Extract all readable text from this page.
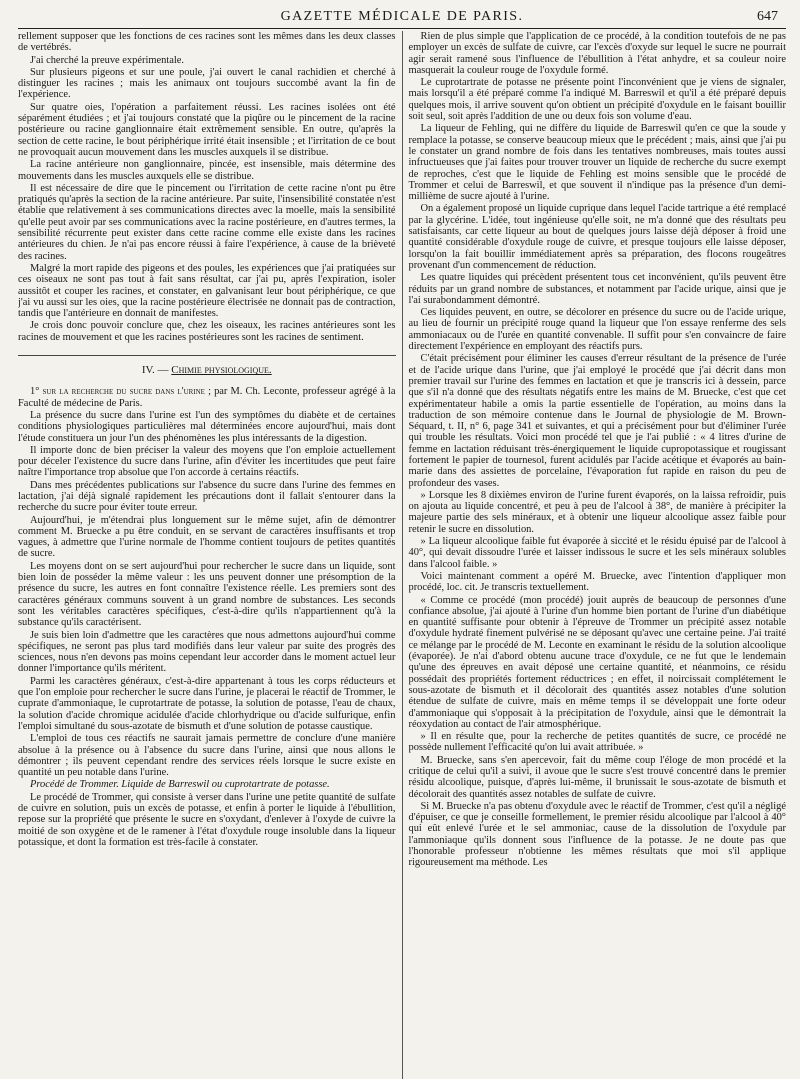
GAZETTE MÉDICALE DE PARIS.	647

rellement supposer que les fonctions de ces racines sont les mêmes dans les deux classes de vertébrés.

J'ai cherché la preuve expérimentale.

Sur plusieurs pigeons et sur une poule, j'ai ouvert le canal rachidien et cherché à distinguer les racines ; mais les animaux ont toujours succombé avant la fin de l'expérience.

Sur quatre oies, l'opération a parfaitement réussi. Les racines isolées ont été séparément étudiées ; et j'ai toujours constaté que la piqûre ou le pincement de la racine postérieure ou racine ganglionnaire était extrêmement sensible. En outre, qu'après la section de cette racine, le bout périphérique irrité était insensible ; et l'irritation de ce bout ne provoquait aucun mouvement dans les muscles auxquels il se distribue.

La racine antérieure non ganglionnaire, pincée, est insensible, mais détermine des mouvements dans les muscles auxquels elle se distribue.

Il est nécessaire de dire que le pincement ou l'irritation de cette racine n'ont pu être pratiqués qu'après la section de la racine antérieure. Par suite, l'insensibilité constatée n'est établie que relativement à ses communications directes avec la moelle, mais la sensibilité qu'elle peut avoir par ses communications avec la racine postérieure, en d'autres termes, la sensibilité récurrente peut exister dans cette racine comme elle existe dans les racines antérieures du chien. Je n'ai pas encore réussi à faire l'expérience, à cause de la brièveté des racines.

Malgré la mort rapide des pigeons et des poules, les expériences que j'ai pratiquées sur ces oiseaux ne sont pas tout à fait sans résultat, car j'ai pu, après l'expiration, isoler aussitôt et couper les racines, et constater, en galvanisant leur bout périphérique, ce que j'ai vu aussi sur les oies, que la racine postérieure électrisée ne donnait pas de contraction, tandis que l'antérieure en donnait de manifestes.

Je crois donc pouvoir conclure que, chez les oiseaux, les racines antérieures sont les racines de mouvement et que les racines postérieures sont les racines de sentiment.

IV. — Chimie physiologique.

1° sur la recherche du sucre dans l'urine ; par M. Ch. Leconte, professeur agrégé à la Faculté de médecine de Paris.

La présence du sucre dans l'urine est l'un des symptômes du diabète et de certaines conditions physiologiques particulières mal déterminées encore aujourd'hui, mais dont l'étude constituera un jour l'un des phénomènes les plus intéressants de la digestion.

Il importe donc de bien préciser la valeur des moyens que l'on emploie actuellement pour déceler l'existence du sucre dans l'urine, afin d'éviter les incertitudes que peut faire naître l'importance trop absolue que l'on accorde à certains réactifs.

Dans mes précédentes publications sur l'absence du sucre dans l'urine des femmes en lactation, j'ai déjà signalé rapidement les précautions dont il fallait s'entourer dans la recherche du sucre pour éviter toute erreur.

Aujourd'hui, je m'étendrai plus longuement sur le même sujet, afin de démontrer comment M. Bruecke a pu être conduit, en se servant de caractères insuffisants et trop vagues, à admettre que l'urine normale de l'homme contient toujours de petites quantités de sucre.

Les moyens dont on se sert aujourd'hui pour rechercher le sucre dans un liquide, sont bien loin de posséder la même valeur : les uns peuvent donner une présomption de la présence du sucre, les autres en font connaître l'existence réelle. Les premiers sont des caractères généraux communs souvent à un grand nombre de substances. Les seconds sont les véritables caractères spécifiques, c'est-à-dire qu'ils n'appartiennent qu'à la substance qu'ils caractérisent.

Je suis bien loin d'admettre que les caractères que nous admettons aujourd'hui comme spécifiques, ne seront pas plus tard modifiés dans leur valeur par suite des progrès des sciences, nous n'en devons pas moins cependant leur accorder dans le moment actuel leur donner l'importance qu'ils méritent.

Parmi les caractères généraux, c'est-à-dire appartenant à tous les corps réducteurs et que l'on emploie pour rechercher le sucre dans l'urine, je placerai le réactif de Trommer, le cuprate d'ammoniaque, le cuprotartrate de potasse, la solution de potasse, l'eau de chaux, la solution d'acide chromique acidulée d'acide chlorhydrique ou d'acide sulfurique, enfin l'emploi simultané du sous-azotate de bismuth et d'une solution de potasse caustique.

L'emploi de tous ces réactifs ne saurait jamais permettre de conclure d'une manière absolue à la présence ou à l'absence du sucre dans l'urine, ainsi que nous allons le démontrer ; ils peuvent cependant rendre des services réels lorsque le sucre existe en quantité un peu notable dans l'urine.

Procédé de Trommer. Liquide de Barreswil ou cuprotartrate de potasse.

Le procédé de Trommer, qui consiste à verser dans l'urine une petite quantité de sulfate de cuivre en solution, puis un excès de potasse, et enfin à porter le liquide à l'ébullition, repose sur la propriété que présente le sucre en s'oxydant, d'enlever à l'oxyde de cuivre la moitié de son oxygène et de le ramener à l'état d'oxydule rouge insoluble dans la liqueur potassique, et dont la formation est très-facile à constater.

Rien de plus simple que l'application de ce procédé, à la condition toutefois de ne pas employer un excès de sulfate de cuivre, car l'excès d'oxyde sur lequel le sucre ne pourrait agir serait ramené sous l'influence de l'ébullition à l'état anhydre, et sa couleur noire masquerait la couleur rouge de l'oxydule formé.

Le cuprotartrate de potasse ne présente point l'inconvénient que je viens de signaler, mais lorsqu'il a été préparé comme l'a indiqué M. Barreswil et qu'il a été préparé depuis quelques mois, il arrive souvent qu'on obtient un précipité d'oxydule en le faisant bouillir soit seul, soit après l'addition de une ou deux fois son volume d'eau.

La liqueur de Fehling, qui ne diffère du liquide de Barreswil qu'en ce que la soude y remplace la potasse, se conserve beaucoup mieux que le précédent ; mais, ainsi que j'ai pu le constater un grand nombre de fois dans les tentatives nombreuses, mais toutes aussi infructueuses que j'ai faites pour trouver trouver un liquide de recherche du sucre exempt de reproches, c'est que le liquide de Fehling est moins sensible que le procédé de Trommer et celui de Barreswil, et que souvent il n'indique pas la présence d'un demi-millième de sucre ajouté à l'urine.

On a également proposé un liquide cuprique dans lequel l'acide tartrique a été remplacé par la glycérine. L'idée, tout ingénieuse qu'elle soit, ne m'a donné que des résultats peu satisfaisants, car cette liqueur au bout de quelques jours laisse déjà déposer à froid une quantité considérable d'oxydule rouge de cuivre, et presque toujours elle laisse déposer, lorsqu'on la fait bouillir immédiatement après sa préparation, des flocons rougeâtres provenant d'un commencement de réduction.

Les quatre liquides qui précèdent présentent tous cet inconvénient, qu'ils peuvent être réduits par un grand nombre de substances, et notamment par l'acide urique, ainsi que je l'ai surabondamment démontré.

Ces liquides peuvent, en outre, se décolorer en présence du sucre ou de l'acide urique, au lieu de fournir un précipité rouge quand la liqueur que l'on essaye renferme des sels ammoniacaux ou de l'urée en quantité convenable. Il suffit pour s'en convaincre de faire directement l'expérience en employant des réactifs purs.

C'était précisément pour éliminer les causes d'erreur résultant de la présence de l'urée et de l'acide urique dans l'urine, que j'ai employé le procédé que j'ai décrit dans mon premier travail sur l'urine des femmes en lactation et que je transcris ici à dessein, parce que s'il n'a donné que des résultats négatifs entre les mains de M. Bruecke, c'est que cet expérimentateur habile a omis la partie essentielle de l'opération, au moins dans la traduction de son mémoire contenue dans le Journal de physiologie de M. Brown-Séquard, t. II, n° 6, page 341 et suivantes, et qui a précisément pour but d'éliminer l'urée qui trouble les résultats. Voici mon procédé tel que je l'ai publié : « 4 litres d'urine de femme en lactation réduisant très-énergiquement le liquide cupropotassique et rougissant fortement le papier de tournesol, furent acidulés par l'acide acétique et évaporés au bain-marie dans des assiettes de porcelaine, l'évaporation fut rapide en raison du peu de profondeur des vases.

» Lorsque les 8 dixièmes environ de l'urine furent évaporés, on la laissa refroidir, puis on ajouta au liquide concentré, et peu à peu de l'alcool à 38°, de manière à précipiter la majeure partie des sels minéraux, et à obtenir une liqueur alcoolique assez faible pour retenir le sucre en dissolution.

» La liqueur alcoolique faible fut évaporée à siccité et le résidu épuisé par de l'alcool à 40°, qui devait dissoudre l'urée et laisser indissous le sucre et les sels minéraux solubles dans l'alcool faible. »

Voici maintenant comment a opéré M. Bruecke, avec l'intention d'appliquer mon procédé, loc. cit. Je transcris textuellement.

« Comme ce procédé (mon procédé) jouit auprès de beaucoup de personnes d'une confiance absolue, j'ai ajouté à l'urine d'un homme bien portant de l'urine d'un diabétique en quantité suffisante pour obtenir à l'épreuve de Trommer un précipité assez notable d'oxydule hydraté finement pulvérisé ne se déposant qu'avec une certaine peine. J'ai traité ce mélange par le procédé de M. Leconte en examinant le résidu de la solution alcoolique (évaporée). Je n'ai d'abord obtenu aucune trace d'oxydule, ce ne fut que le lendemain qu'une des épreuves en avait déposé une certaine quantité, et néanmoins, ce résidu possédait des propriétés fortement réductrices ; en effet, il noircissait complétement le sous-azotate de bismuth et il décolorait des quantités assez notables d'une solution étendue de sulfate de cuivre, mais en même temps il se développait une forte odeur d'ammoniaque qui s'opposait à la précipitation de l'oxydule, ainsi que le démontrait la réoxydation au contact de l'air atmosphérique.

» Il en résulte que, pour la recherche de petites quantités de sucre, ce procédé ne possède nullement l'efficacité qu'on lui avait attribuée. »

M. Bruecke, sans s'en apercevoir, fait du même coup l'éloge de mon procédé et la critique de celui qu'il a suivi, il avoue que le sucre s'est trouvé concentré dans le premier résidu alcoolique, puisque, d'après lui-même, il brunissait le sous-azotate de bismuth et décolorait des quantités assez notables de sulfate de cuivre.

Si M. Bruecke n'a pas obtenu d'oxydule avec le réactif de Trommer, c'est qu'il a négligé d'épuiser, ce que je conseille formellement, le premier résidu alcoolique par l'alcool à 40° qui eût enlevé l'urée et le sel ammoniac, cause de la dissolution de l'oxydule par l'ammoniaque qu'ils donnent sous l'influence de la potasse. Je ne doute pas que l'honorable professeur n'obtienne les mêmes résultats que moi s'il applique rigoureusement ma méthode. Les
